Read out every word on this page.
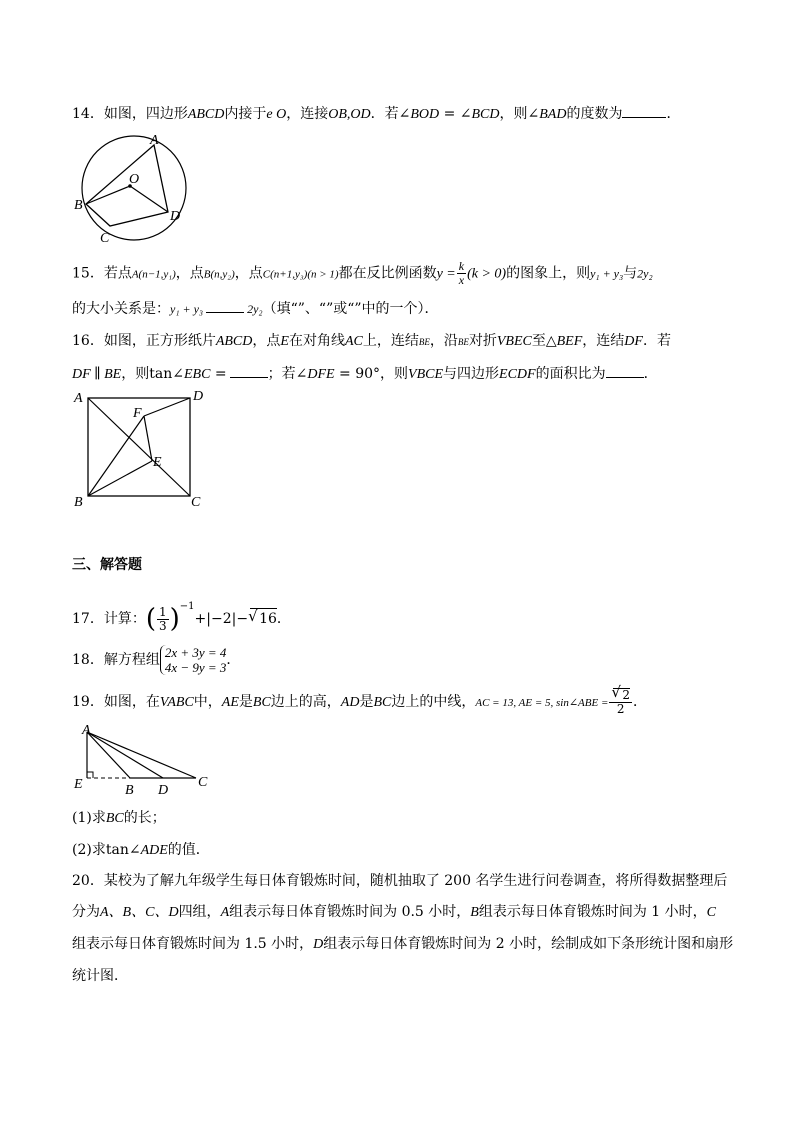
14．如图，四边形ABCD内接于e O，连接OB,OD．若∠BOD = ∠BCD，则∠BAD的度数为	．
A
O
B
C
D
15．若点A(n−1,y₁)，点B(n,y₂)，点C(n+1,y₃)(n > 1)都在反比例函数$y = \frac{k}{x} (k > 0)$的图象上，则y₁ + y₃与2y₂
的大小关系是：y₁ + y₃	2y₂（填“”、“”或“”中的一个）．
16．如图，正方形纸片ABCD，点E在对角线AC上，连结BE，沿BE对折VBEC至△BEF，连结DF．若
DF ∥ BE，则tan∠EBC =	；若∠DFE = 90°，则VBCE与四边形ECDF的面积比为	．
A	D
F
E
B	C
三、解答题
17．计算：( $\frac{1}{3} )^{-1}+|-2|-√$ 16．
18．解方程组 2x + 3y = 4
4x − 9y = 3 ．
19．如图，在VABC中，AE是BC边上的高，AD是BC边上的中线，AC = 13, AE = 5, sin∠ABE =
√ $\frac{2}{2}$ ．
A
E	B D
C
(1)求BC的长；
(2)求tan∠ADE的值．
20．某校为了解九年级学生每日体育锻炼时间，随机抽取了 200 名学生进行问卷调查，将所得数据整理后
分为A、B、C、D四组，A组表示每日体育锻炼时间为 0.5 小时，B组表示每日体育锻炼时间为 1 小时，C
组表示每日体育锻炼时间为 1.5 小时，D组表示每日体育锻炼时间为 2 小时，绘制成如下条形统计图和扇形
统计图．
